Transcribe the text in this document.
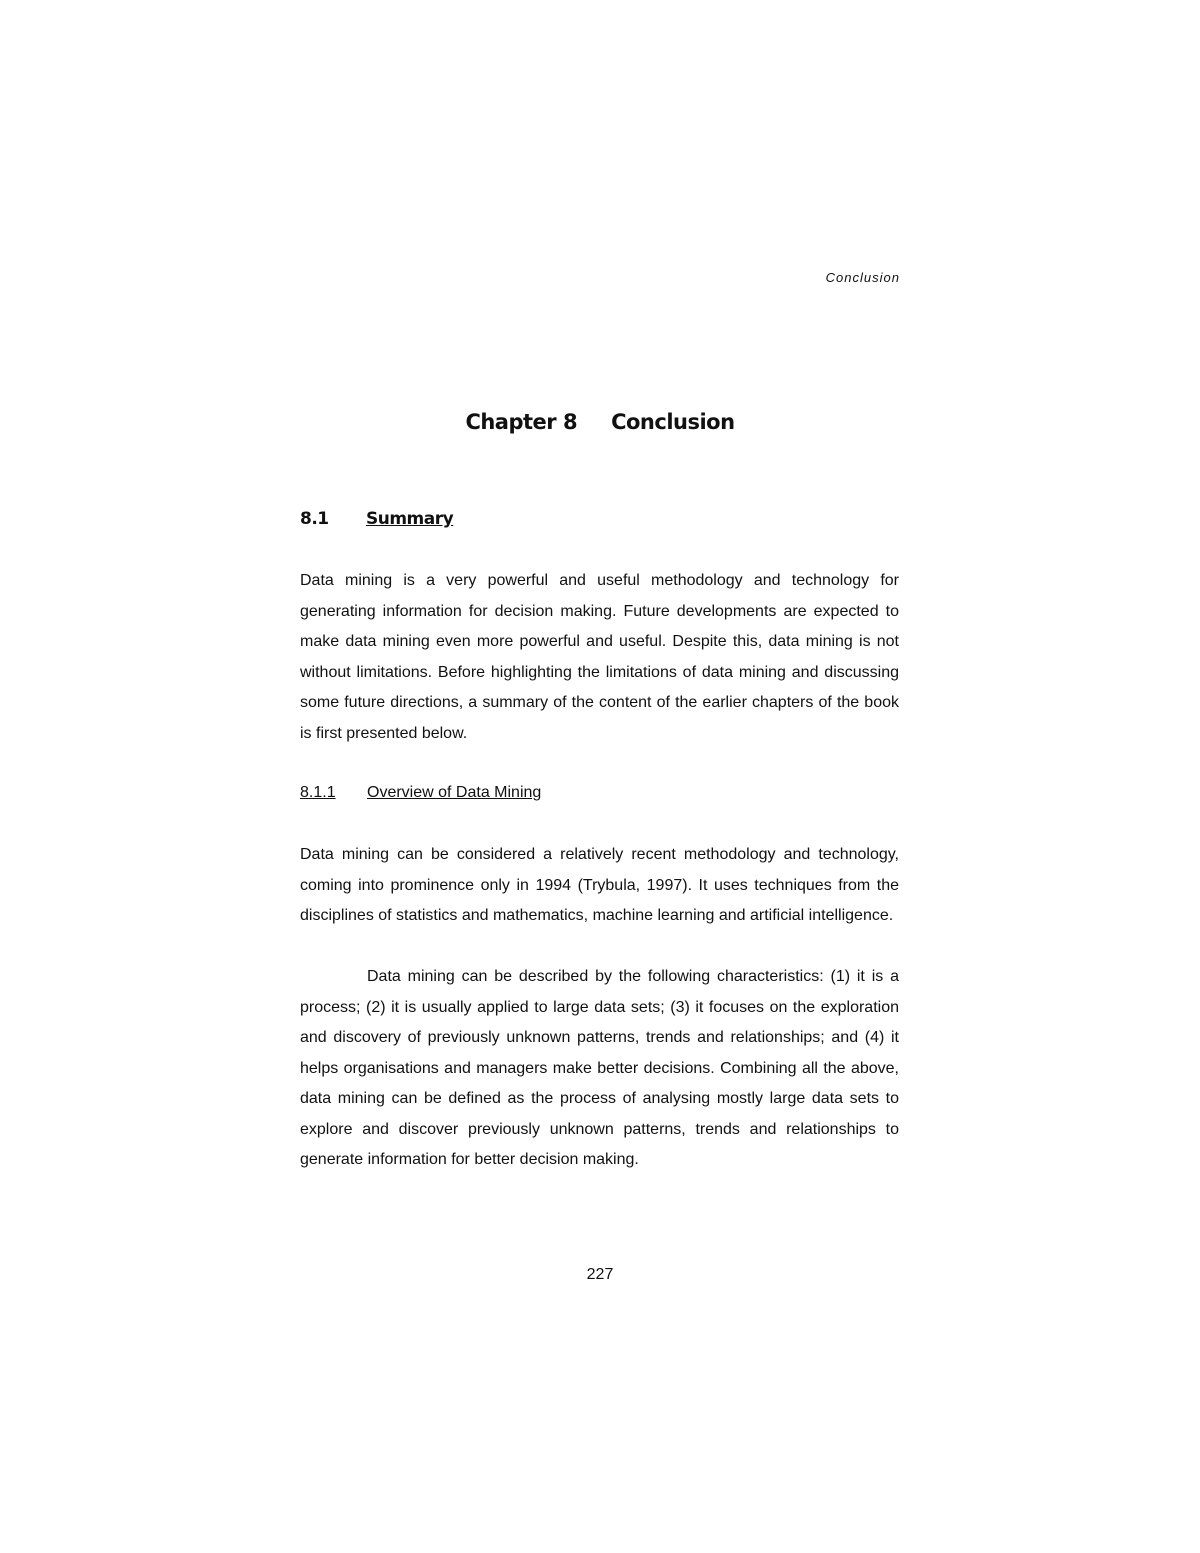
Conclusion
Chapter 8 Conclusion
8.1 Summary

Data mining is a very powerful and useful methodology and technology for generating information for decision making. Future developments are expected to make data mining even more powerful and useful. Despite this, data mining is not without limitations. Before highlighting the limitations of data mining and discussing some future directions, a summary of the content of the earlier chapters of the book is first presented below.

8.1.1 Overview of Data Mining

Data mining can be considered a relatively recent methodology and technology, coming into prominence only in 1994 (Trybula, 1997). It uses techniques from the disciplines of statistics and mathematics, machine learning and artificial intelligence.

Data mining can be described by the following characteristics: (1) it is a process; (2) it is usually applied to large data sets; (3) it focuses on the exploration and discovery of previously unknown patterns, trends and relationships; and (4) it helps organisations and managers make better decisions. Combining all the above, data mining can be defined as the process of analysing mostly large data sets to explore and discover previously unknown patterns, trends and relationships to generate information for better decision making.

227
